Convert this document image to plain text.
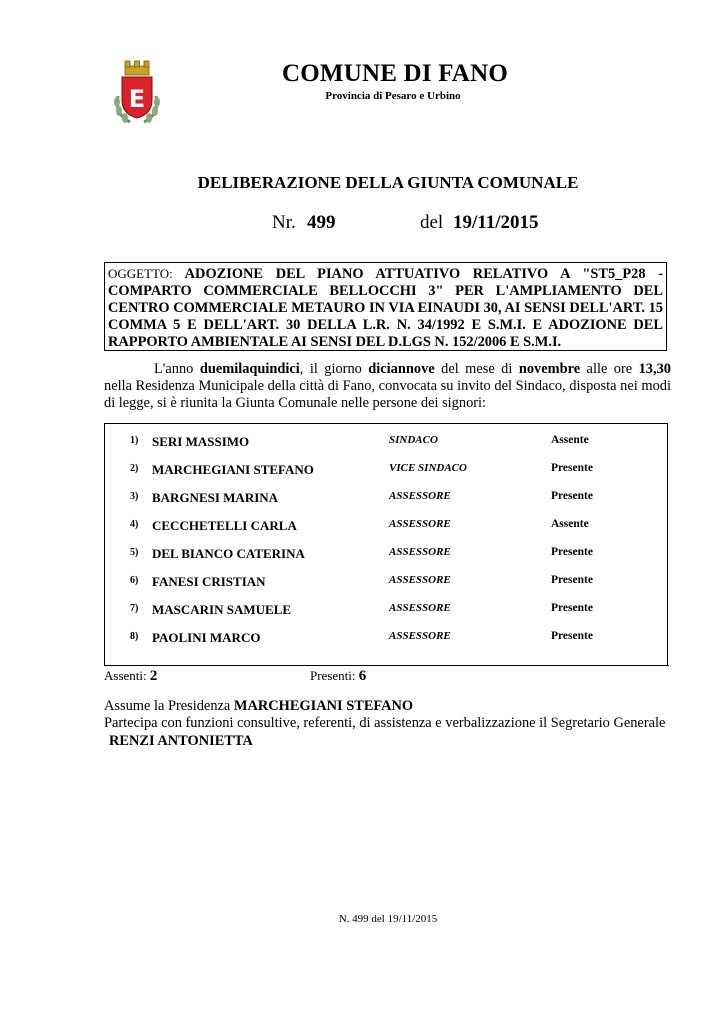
E
COMUNE DI FANO
Provincia di Pesaro e Urbino
DELIBERAZIONE DELLA GIUNTA COMUNALE
Nr. 499	del 19/11/2015
OGGETTO: ADOZIONE DEL PIANO ATTUATIVO RELATIVO A "ST5_P28 - COMPARTO COMMERCIALE BELLOCCHI 3" PER L'AMPLIAMENTO DEL CENTRO COMMERCIALE METAURO IN VIA EINAUDI 30, AI SENSI DELL'ART. 15 COMMA 5 E DELL'ART. 30 DELLA L.R. N. 34/1992 E S.M.I. E ADOZIONE DEL RAPPORTO AMBIENTALE AI SENSI DEL D.LGS N. 152/2006 E S.M.I.
L'anno duemilaquindici, il giorno diciannove del mese di novembre alle ore 13,30 nella Residenza Municipale della città di Fano, convocata su invito del Sindaco, disposta nei modi di legge, si è riunita la Giunta Comunale nelle persone dei signori:
1) SERI MASSIMO	SINDACO	Assente
2) MARCHEGIANI STEFANO	VICE SINDACO	Presente
3) BARGNESI MARINA	ASSESSORE	Presente
4) CECCHETELLI CARLA	ASSESSORE	Assente
5) DEL BIANCO CATERINA	ASSESSORE	Presente
6) FANESI CRISTIAN	ASSESSORE	Presente
7) MASCARIN SAMUELE	ASSESSORE	Presente
8) PAOLINI MARCO	ASSESSORE	Presente
Assenti: 2	Presenti: 6
Assume la Presidenza MARCHEGIANI STEFANO
Partecipa con funzioni consultive, referenti, di assistenza e verbalizzazione il Segretario Generale
RENZI ANTONIETTA
N. 499 del 19/11/2015
